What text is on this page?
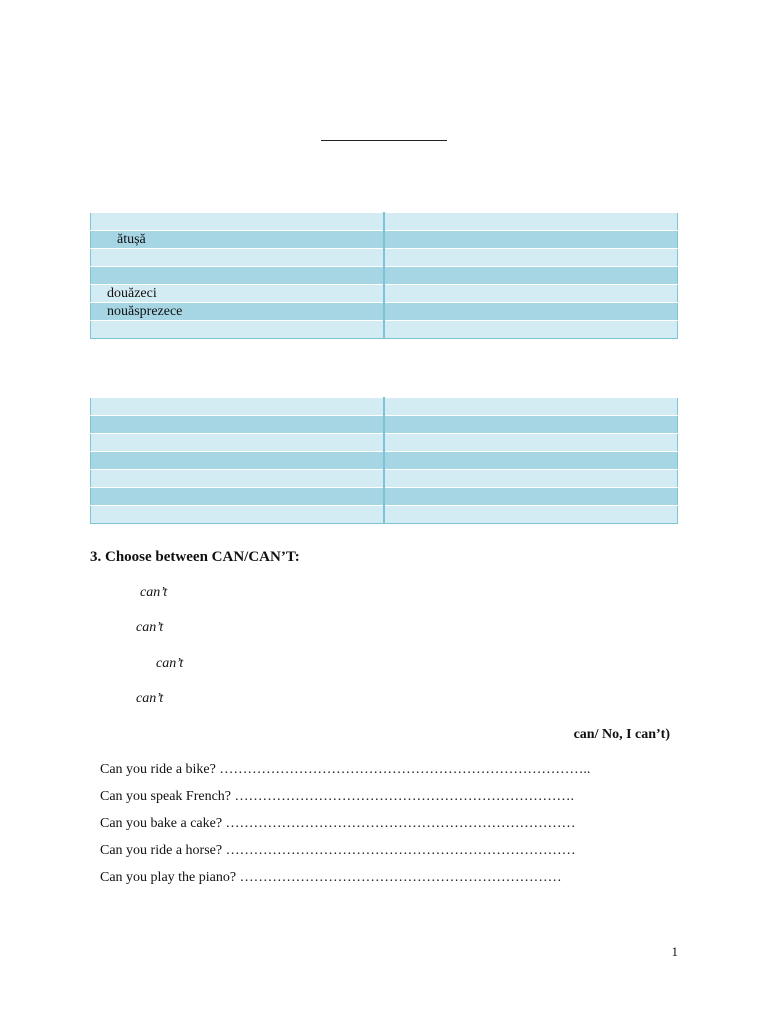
ătușă	

douăzeci	
nouăsprezece	

3. Choose between CAN/CAN’T:
can’t
can’t
can’t
can’t
can/ No, I can’t)
Can you ride a bike? ……………………………………………………………………..
Can you speak French? ……………………………………………………………….
Can you bake a cake? …………………………………………………………………
Can you ride a horse? …………………………………………………………………
Can you play the piano? ……………………………………………………………
1
